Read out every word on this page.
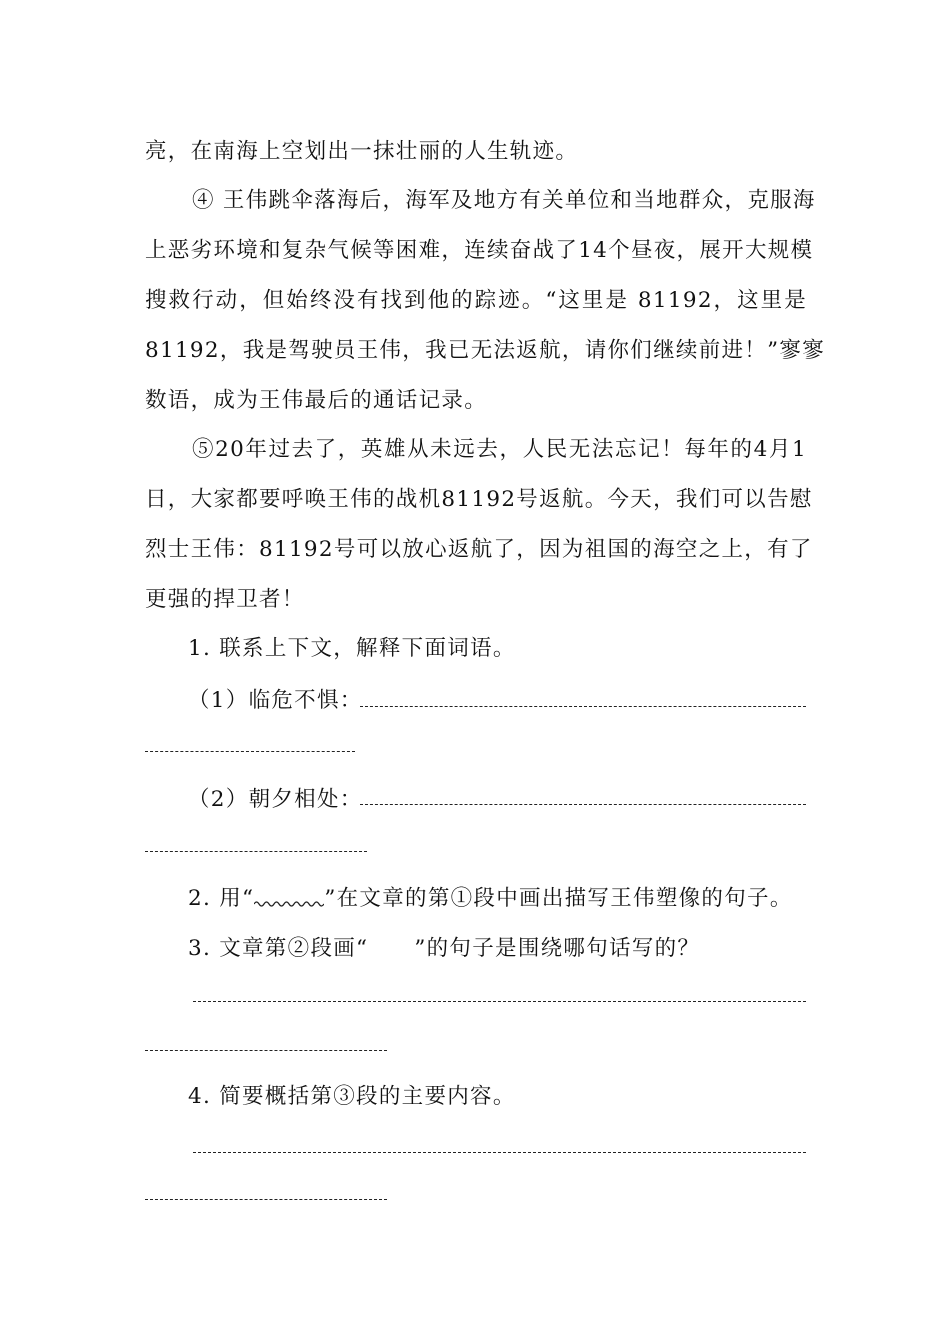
亮，在南海上空划出一抹壮丽的人生轨迹。
④ 王伟跳伞落海后，海军及地方有关单位和当地群众，克服海
上恶劣环境和复杂气候等困难，连续奋战了14个昼夜，展开大规模
搜救行动，但始终没有找到他的踪迹。“这里是 81192，这里是
81192，我是驾驶员王伟，我已无法返航，请你们继续前进！”寥寥
数语，成为王伟最后的通话记录。
⑤20年过去了，英雄从未远去，人民无法忘记！每年的4月1
日，大家都要呼唤王伟的战机81192号返航。今天，我们可以告慰
烈士王伟：81192号可以放心返航了，因为祖国的海空之上，有了
更强的捍卫者！
1. 联系上下文，解释下面词语。
（1）临危不惧：
（2）朝夕相处：
2. 用“	”在文章的第①段中画出描写王伟塑像的句子。
3. 文章第②段画“ ”的句子是围绕哪句话写的？
4. 简要概括第③段的主要内容。
